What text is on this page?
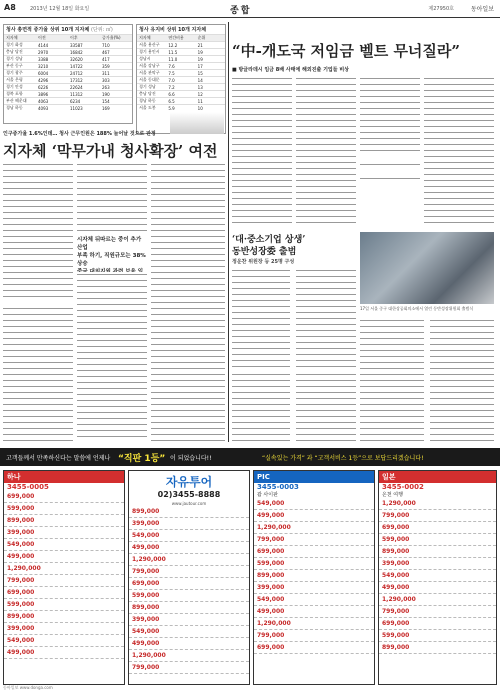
A8	2013년 12월 18일 화요일	종합	제27950호	동아일보
청사 총면적 증가율 상위 10개 지자체 (단위: ㎡)
지자체	이전	이후	증가율(%)
경기 화성	4144	33587	710
충남 당진	2970	16842	467
경기 성남	3388	32620	417
부산 동구	3210	14722	359
경기 광주	6004	24712	311
서울 은평	4296	17312	303
경기 안성	6226	22624	263
경북 포항	3896	11312	190
부산 해운대	4063	6234	154
경남 하동	4093	11023	169
청사 유지비 상위 10개 지자체
지자체	연간비용	순위
서울 용산구	12.2	21
경기 용인시	11.5	19
성남시	11.0	19
서울 강남구	7.6	17
서울 관악구	7.5	15
서울 동대문	7.0	14
경기 성남	7.2	13
충남 당진	6.6	12
경남 하동	6.5	11
서울 도봉	5.9	10
인구증가율 1.6%인데… 청사 근무인원은 188% 늘어날 것으로 판정
지자체 ‘막무가내 청사확장’ 여전
시자체 뒤따르는 중이 추가 산업
부족 하기, 직원규모는 38% 상승
“中-개도국 저임금 벨트 무너질라”
■ 방글라데시 임금 8배 사태에 해외진출 기업들 비상
‘대·중소기업 상생’
동반성장委 출범
정운찬 위원장 등 25명 구성
17일 서울 중구 대한상공회의소에서 열린 동반성장위원회 출범식
고객들께서 만족하신다는 말씀에 언제나 “직판 1등” 이 되었습니다!!	“실속있는 가격” 과 “고객서비스 1등”으로 보답드리겠습니다!
하나
3455-0005
699,000
599,000
899,000
399,000
549,000
499,000
1,290,000
799,000
699,000
599,000
899,000
399,000
549,000
499,000
자유투어
02)3455-8888
www.jautour.com
899,000
399,000
549,000
499,000
1,290,000
799,000
699,000
599,000
899,000
399,000
549,000
499,000
1,290,000
799,000
PIC
3455-0003
괌 사이판
549,000
499,000
1,290,000
799,000
699,000
599,000
899,000
399,000
549,000
499,000
1,290,000
799,000
699,000
일본
3455-0002
온천 여행
1,290,000
799,000
699,000
599,000
899,000
399,000
549,000
499,000
1,290,000
799,000
699,000
599,000
899,000
동아일보 www.donga.com
